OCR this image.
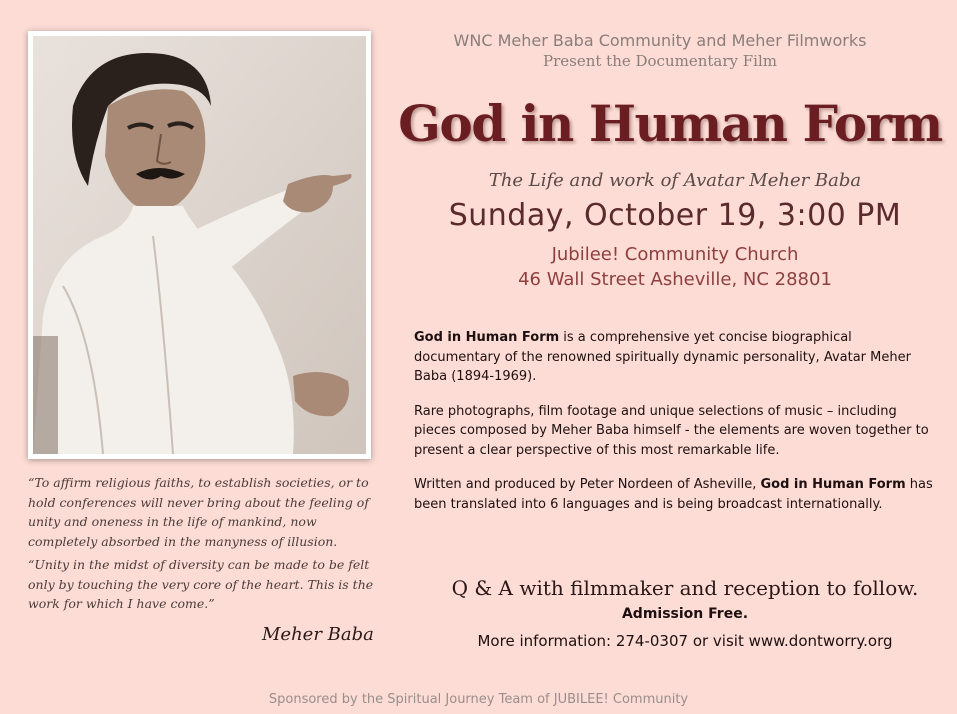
WNC Meher Baba Community and Meher Filmworks
Present the Documentary Film
God in Human Form
The Life and work of Avatar Meher Baba
Sunday, October 19, 3:00 PM
Jubilee! Community Church
46 Wall Street Asheville, NC 28801

God in Human Form is a comprehensive yet concise biographical documentary of the renowned spiritually dynamic personality, Avatar Meher Baba (1894-1969).

Rare photographs, film footage and unique selections of music – including pieces composed by Meher Baba himself - the elements are woven together to present a clear perspective of this most remarkable life.

Written and produced by Peter Nordeen of Asheville, God in Human Form has been translated into 6 languages and is being broadcast internationally.

“To affirm religious faiths, to establish societies, or to hold conferences will never bring about the feeling of unity and oneness in the life of mankind, now completely absorbed in the manyness of illusion.

“Unity in the midst of diversity can be made to be felt only by touching the very core of the heart. This is the work for which I have come.”

Meher Baba
Q & A with filmmaker and reception to follow.
Admission Free.
More information: 274-0307 or visit www.dontworry.org
Sponsored by the Spiritual Journey Team of JUBILEE! Community
